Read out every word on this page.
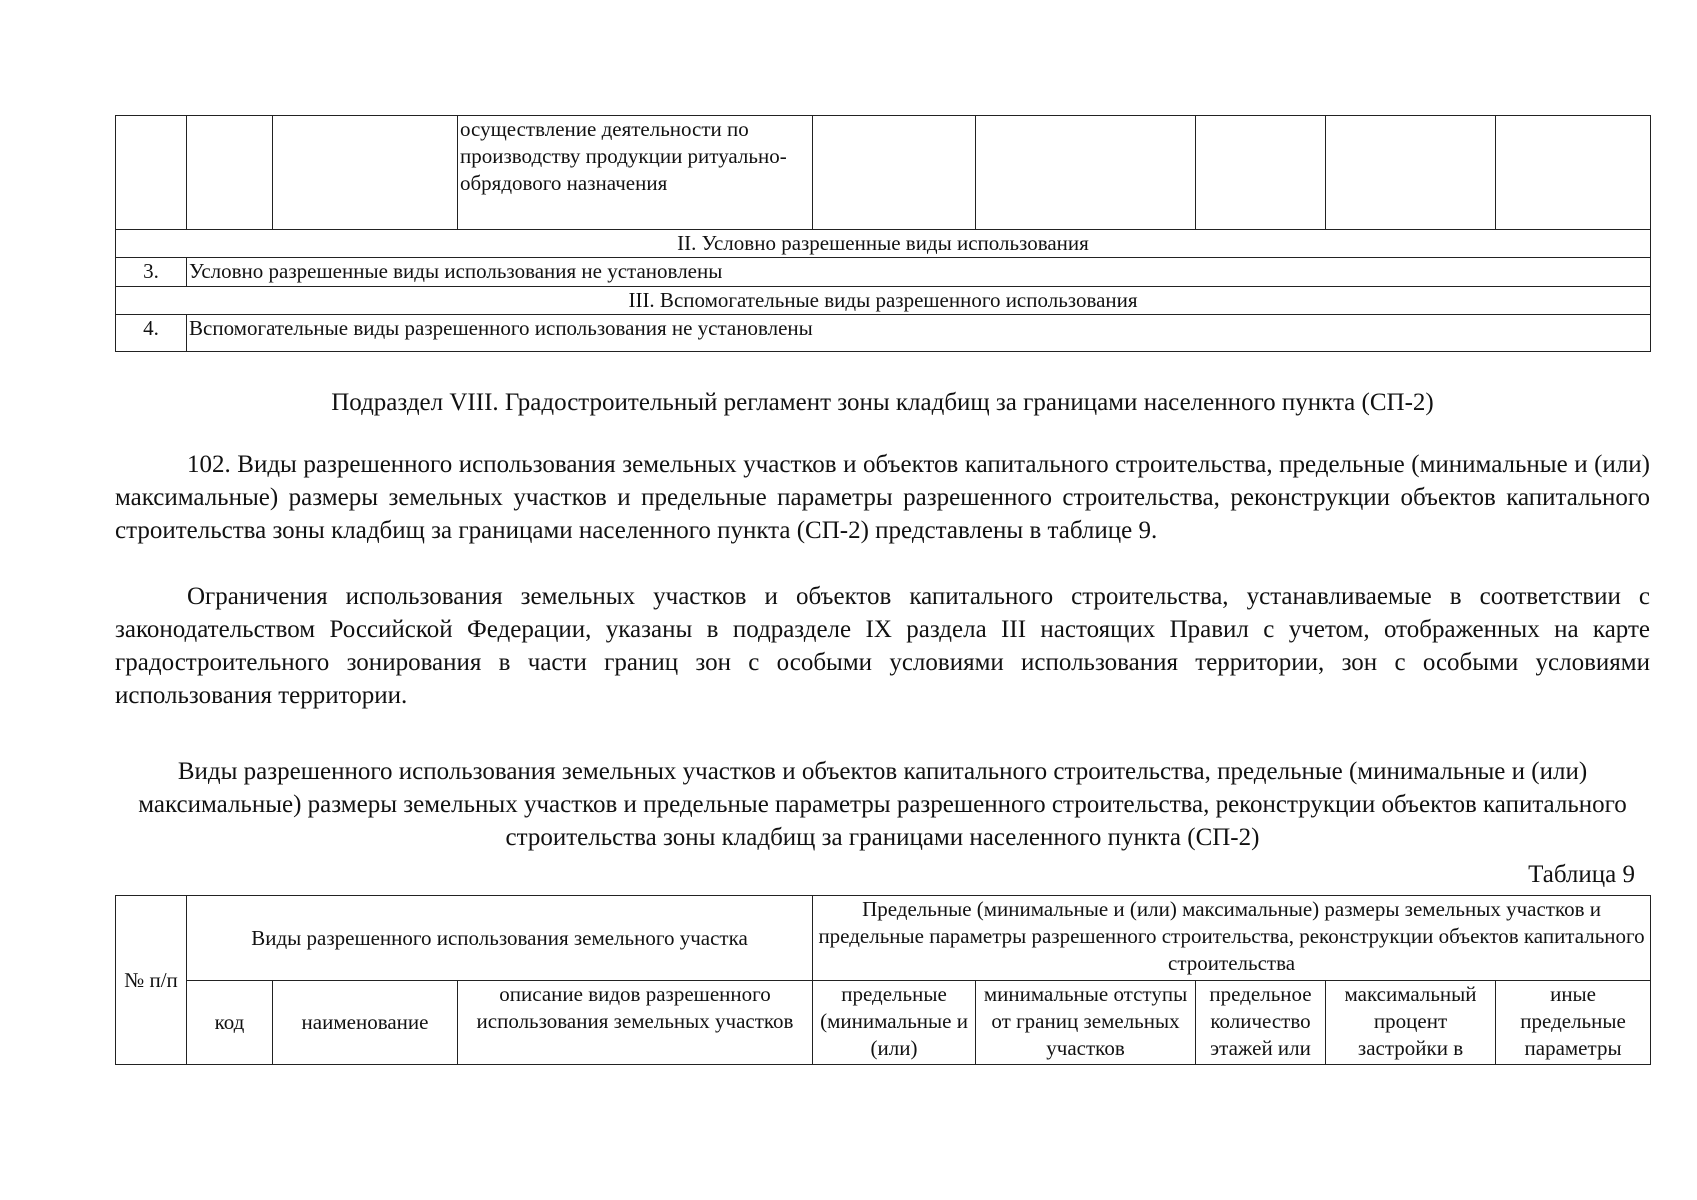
			осуществление деятельности по производству продукции ритуально-обрядового назначения					
II. Условно разрешенные виды использования								
3.	Условно разрешенные виды использования не установлены							
III. Вспомогательные виды разрешенного использования								
4.	Вспомогательные виды разрешенного использования не установлены							
Подраздел VIII. Градостроительный регламент зоны кладбищ за границами населенного пункта (СП-2)

102. Виды разрешенного использования земельных участков и объектов капитального строительства, предельные (минимальные и (или) максимальные) размеры земельных участков и предельные параметры разрешенного строительства, реконструкции объектов капитального строительства зоны кладбищ за границами населенного пункта (СП-2) представлены в таблице 9.

Ограничения использования земельных участков и объектов капитального строительства, устанавливаемые в соответствии с законодательством Российской Федерации, указаны в подразделе IX раздела III настоящих Правил с учетом, отображенных на карте градостроительного зонирования в части границ зон с особыми условиями использования территории, зон с особыми условиями использования территории.

Виды разрешенного использования земельных участков и объектов капитального строительства, предельные (минимальные и (или) максимальные) размеры земельных участков и предельные параметры разрешенного строительства, реконструкции объектов капитального строительства зоны кладбищ за границами населенного пункта (СП-2)
Таблица 9
№ п/п	Виды разрешенного использования земельного участка			Предельные (минимальные и (или) максимальные) размеры земельных участков и предельные параметры разрешенного строительства, реконструкции объектов капитального строительства				
	код	наименование	описание видов разрешенного использования земельных участков	предельные (минимальные и (или)	минимальные отступы от границ земельных участков	предельное количество этажей или	максимальный процент застройки в	иные предельные параметры
